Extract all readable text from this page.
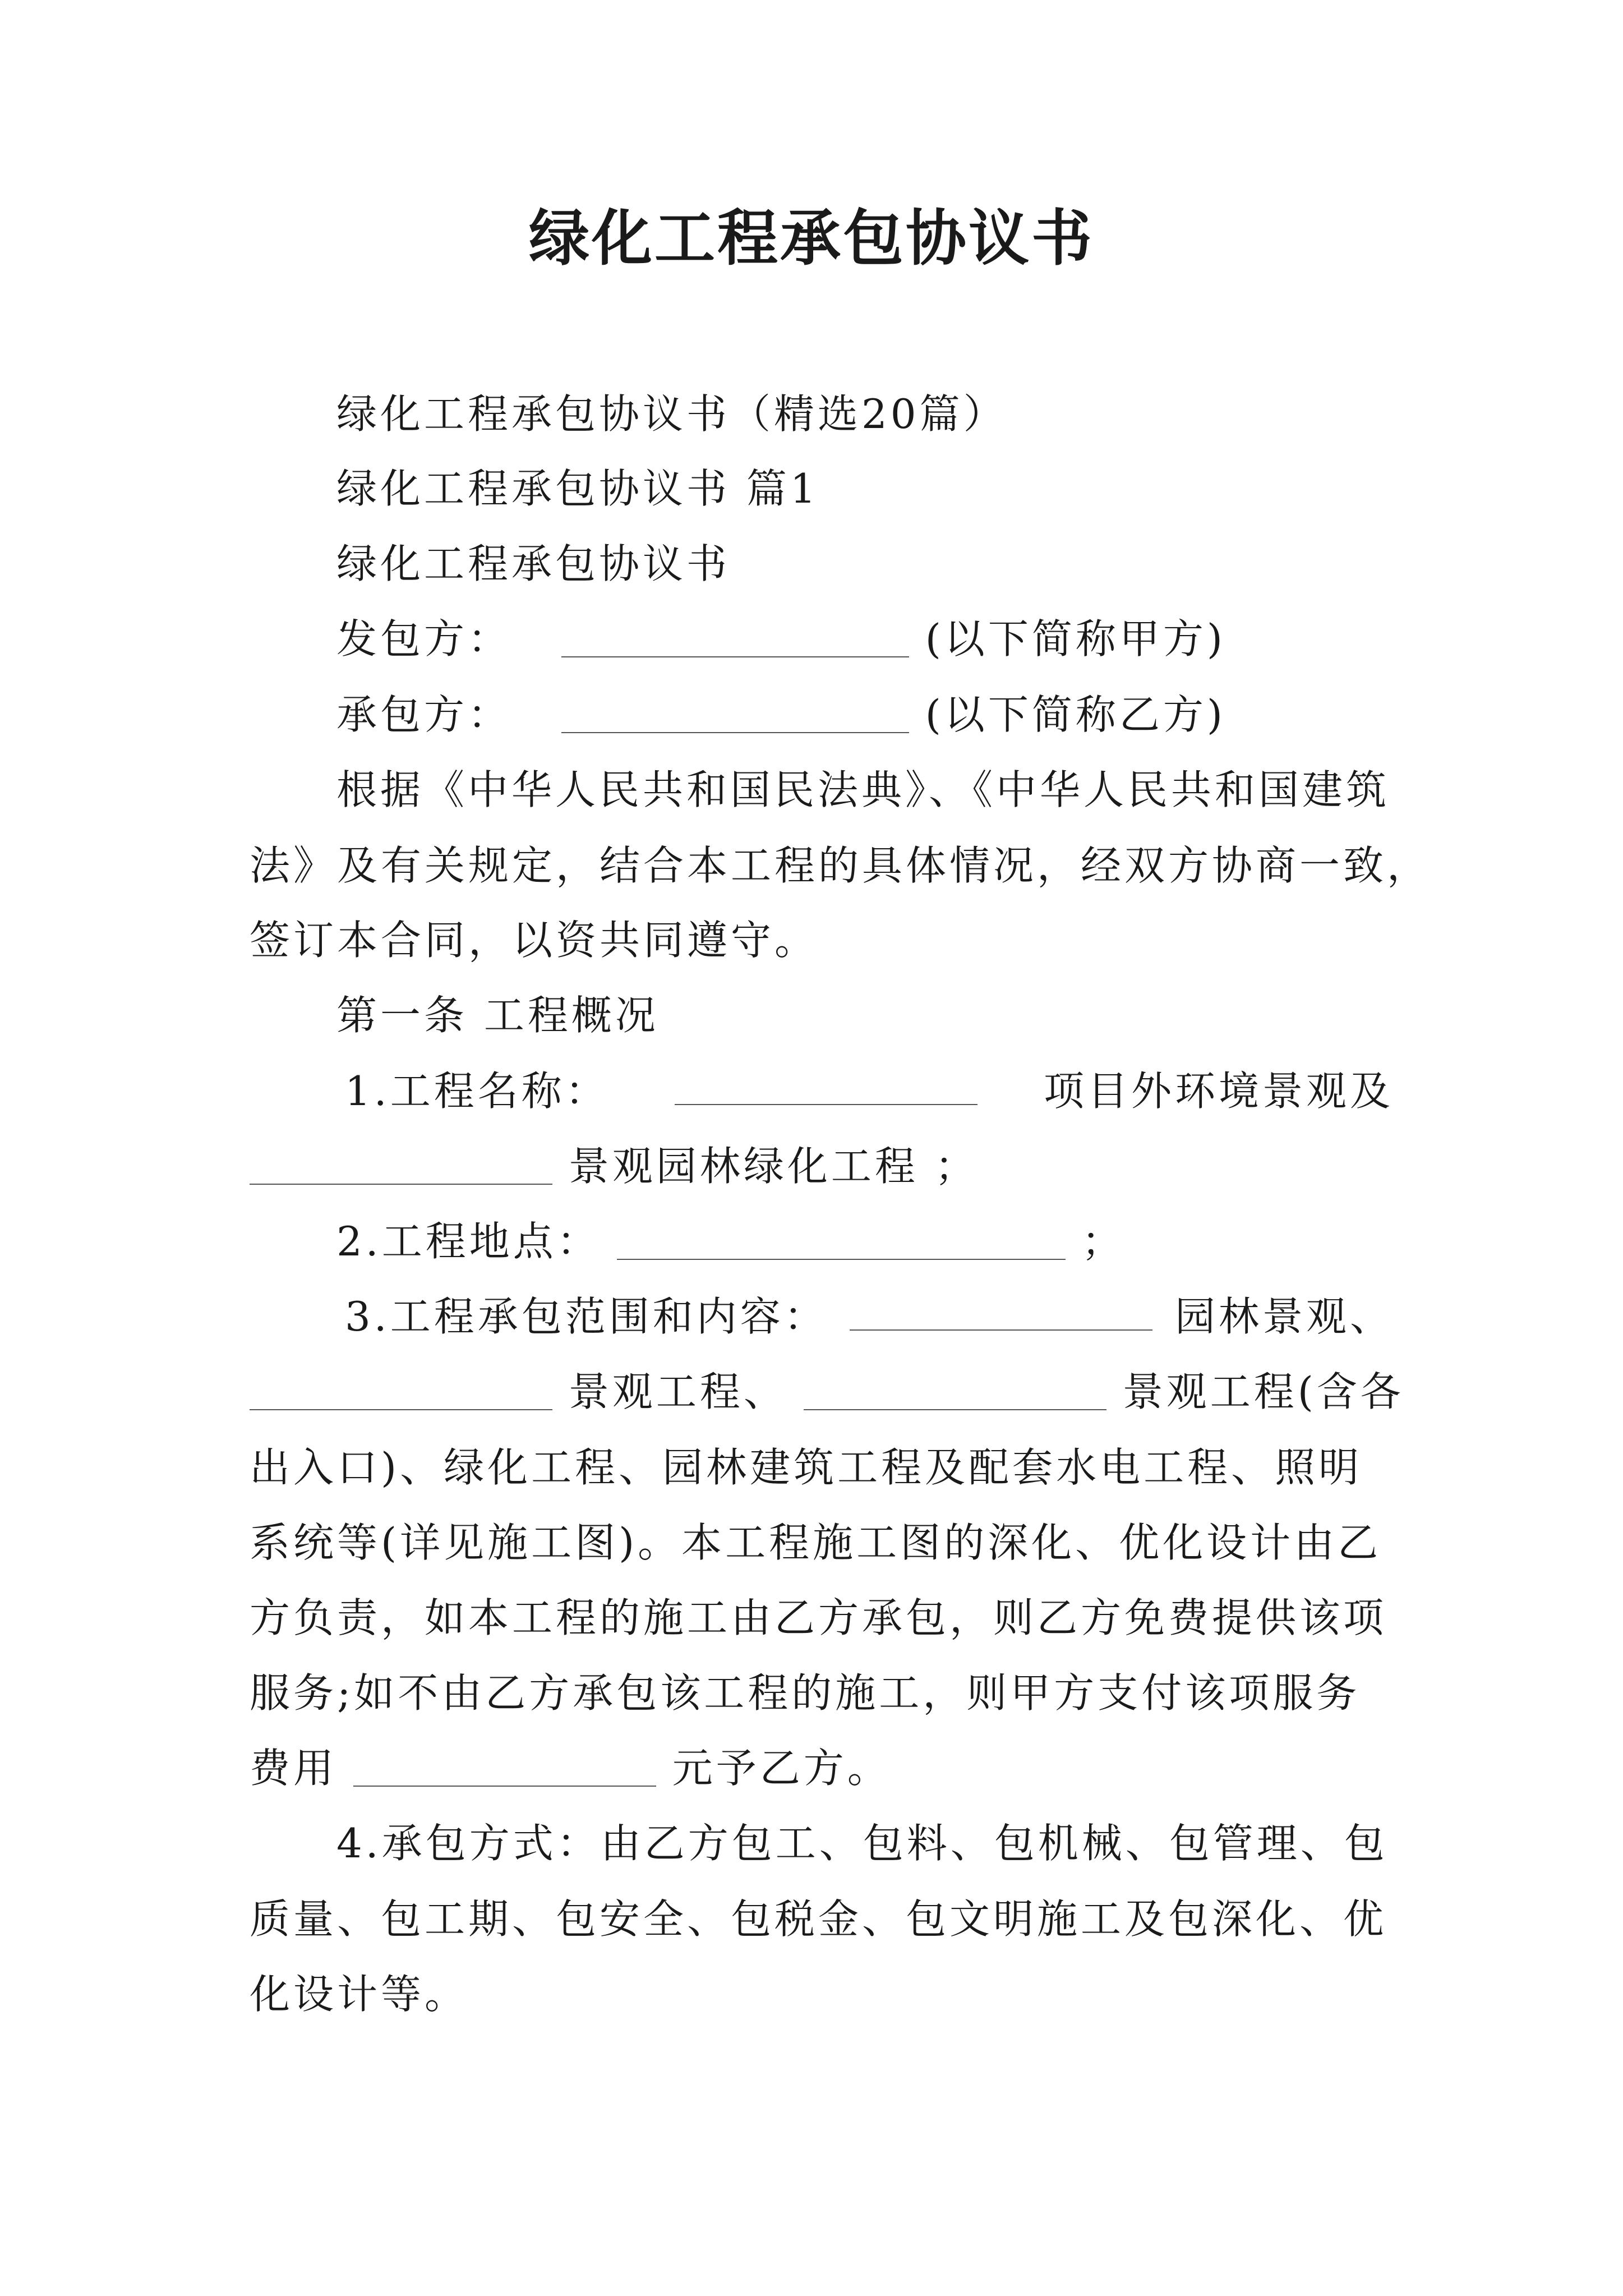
绿化工程承包协议书
绿化工程承包协议书（精选20篇）
绿化工程承包协议书 篇1
绿化工程承包协议书
发包方：	(以下简称甲方)
承包方：	(以下简称乙方)
根据《中华人民共和国民法典》、《中华人民共和国建筑
法》及有关规定，结合本工程的具体情况，经双方协商一致，
签订本合同，以资共同遵守。
第一条 工程概况
1.工程名称：	项目外环境景观及
景观园林绿化工程 ；
2.工程地点：	；
3.工程承包范围和内容：	园林景观、
景观工程、	景观工程(含各
出入口)、绿化工程、园林建筑工程及配套水电工程、照明
系统等(详见施工图)。本工程施工图的深化、优化设计由乙
方负责，如本工程的施工由乙方承包，则乙方免费提供该项
服务;如不由乙方承包该工程的施工，则甲方支付该项服务
费用	元予乙方。
4.承包方式：由乙方包工、包料、包机械、包管理、包
质量、包工期、包安全、包税金、包文明施工及包深化、优
化设计等。
